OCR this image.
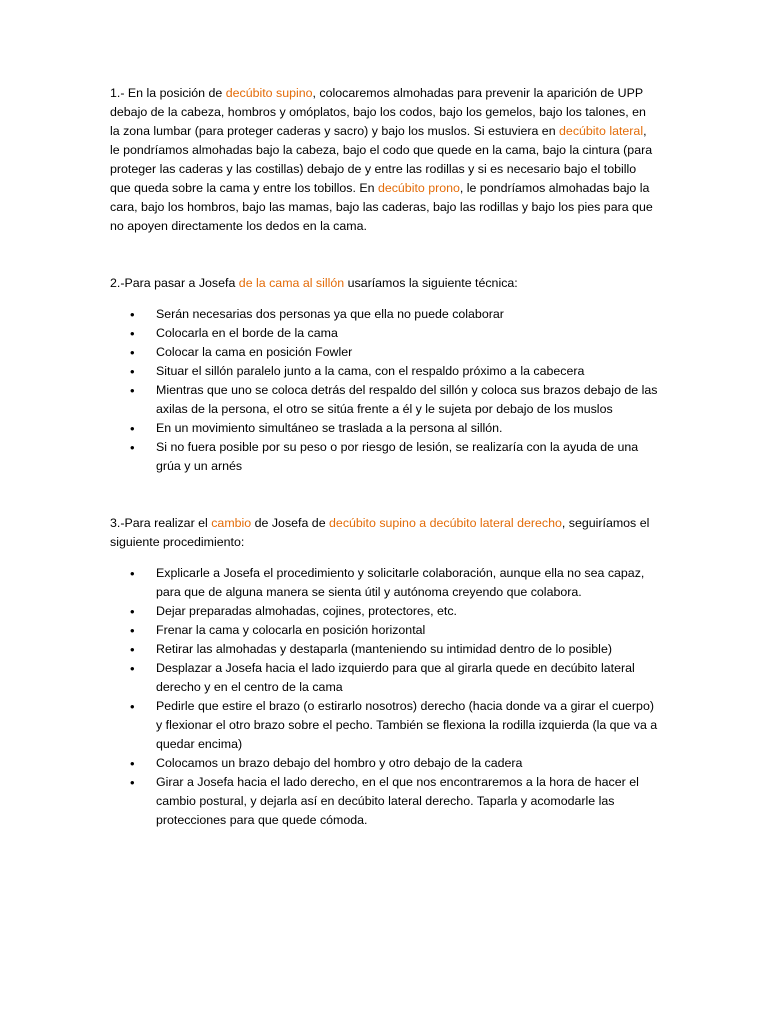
1.- En la posición de decúbito supino, colocaremos almohadas para prevenir la aparición de UPP debajo de la cabeza, hombros y omóplatos, bajo los codos, bajo los gemelos, bajo los talones, en la zona lumbar (para proteger caderas y sacro) y bajo los muslos. Si estuviera en decúbito lateral, le pondríamos almohadas bajo la cabeza, bajo el codo que quede en la cama, bajo la cintura (para proteger las caderas y las costillas) debajo de y entre las rodillas y si es necesario bajo el tobillo que queda sobre la cama y entre los tobillos. En decúbito prono, le pondríamos almohadas bajo la cara, bajo los hombros, bajo las mamas, bajo las caderas, bajo las rodillas y bajo los pies para que no apoyen directamente los dedos en la cama.

2.-Para pasar a Josefa de la cama al sillón usaríamos la siguiente técnica:

• Serán necesarias dos personas ya que ella no puede colaborar
• Colocarla en el borde de la cama
• Colocar la cama en posición Fowler
• Situar el sillón paralelo junto a la cama, con el respaldo próximo a la cabecera
• Mientras que uno se coloca detrás del respaldo del sillón y coloca sus brazos debajo de las axilas de la persona, el otro se sitúa frente a él y le sujeta por debajo de los muslos
• En un movimiento simultáneo se traslada a la persona al sillón.
• Si no fuera posible por su peso o por riesgo de lesión, se realizaría con la ayuda de una grúa y un arnés

3.-Para realizar el cambio de Josefa de decúbito supino a decúbito lateral derecho, seguiríamos el siguiente procedimiento:

• Explicarle a Josefa el procedimiento y solicitarle colaboración, aunque ella no sea capaz, para que de alguna manera se sienta útil y autónoma creyendo que colabora.
• Dejar preparadas almohadas, cojines, protectores, etc.
• Frenar la cama y colocarla en posición horizontal
• Retirar las almohadas y destaparla (manteniendo su intimidad dentro de lo posible)
• Desplazar a Josefa hacia el lado izquierdo para que al girarla quede en decúbito lateral derecho y en el centro de la cama
• Pedirle que estire el brazo (o estirarlo nosotros) derecho (hacia donde va a girar el cuerpo) y flexionar el otro brazo sobre el pecho. También se flexiona la rodilla izquierda (la que va a quedar encima)
• Colocamos un brazo debajo del hombro y otro debajo de la cadera
• Girar a Josefa hacia el lado derecho, en el que nos encontraremos a la hora de hacer el cambio postural, y dejarla así en decúbito lateral derecho. Taparla y acomodarle las protecciones para que quede cómoda.
